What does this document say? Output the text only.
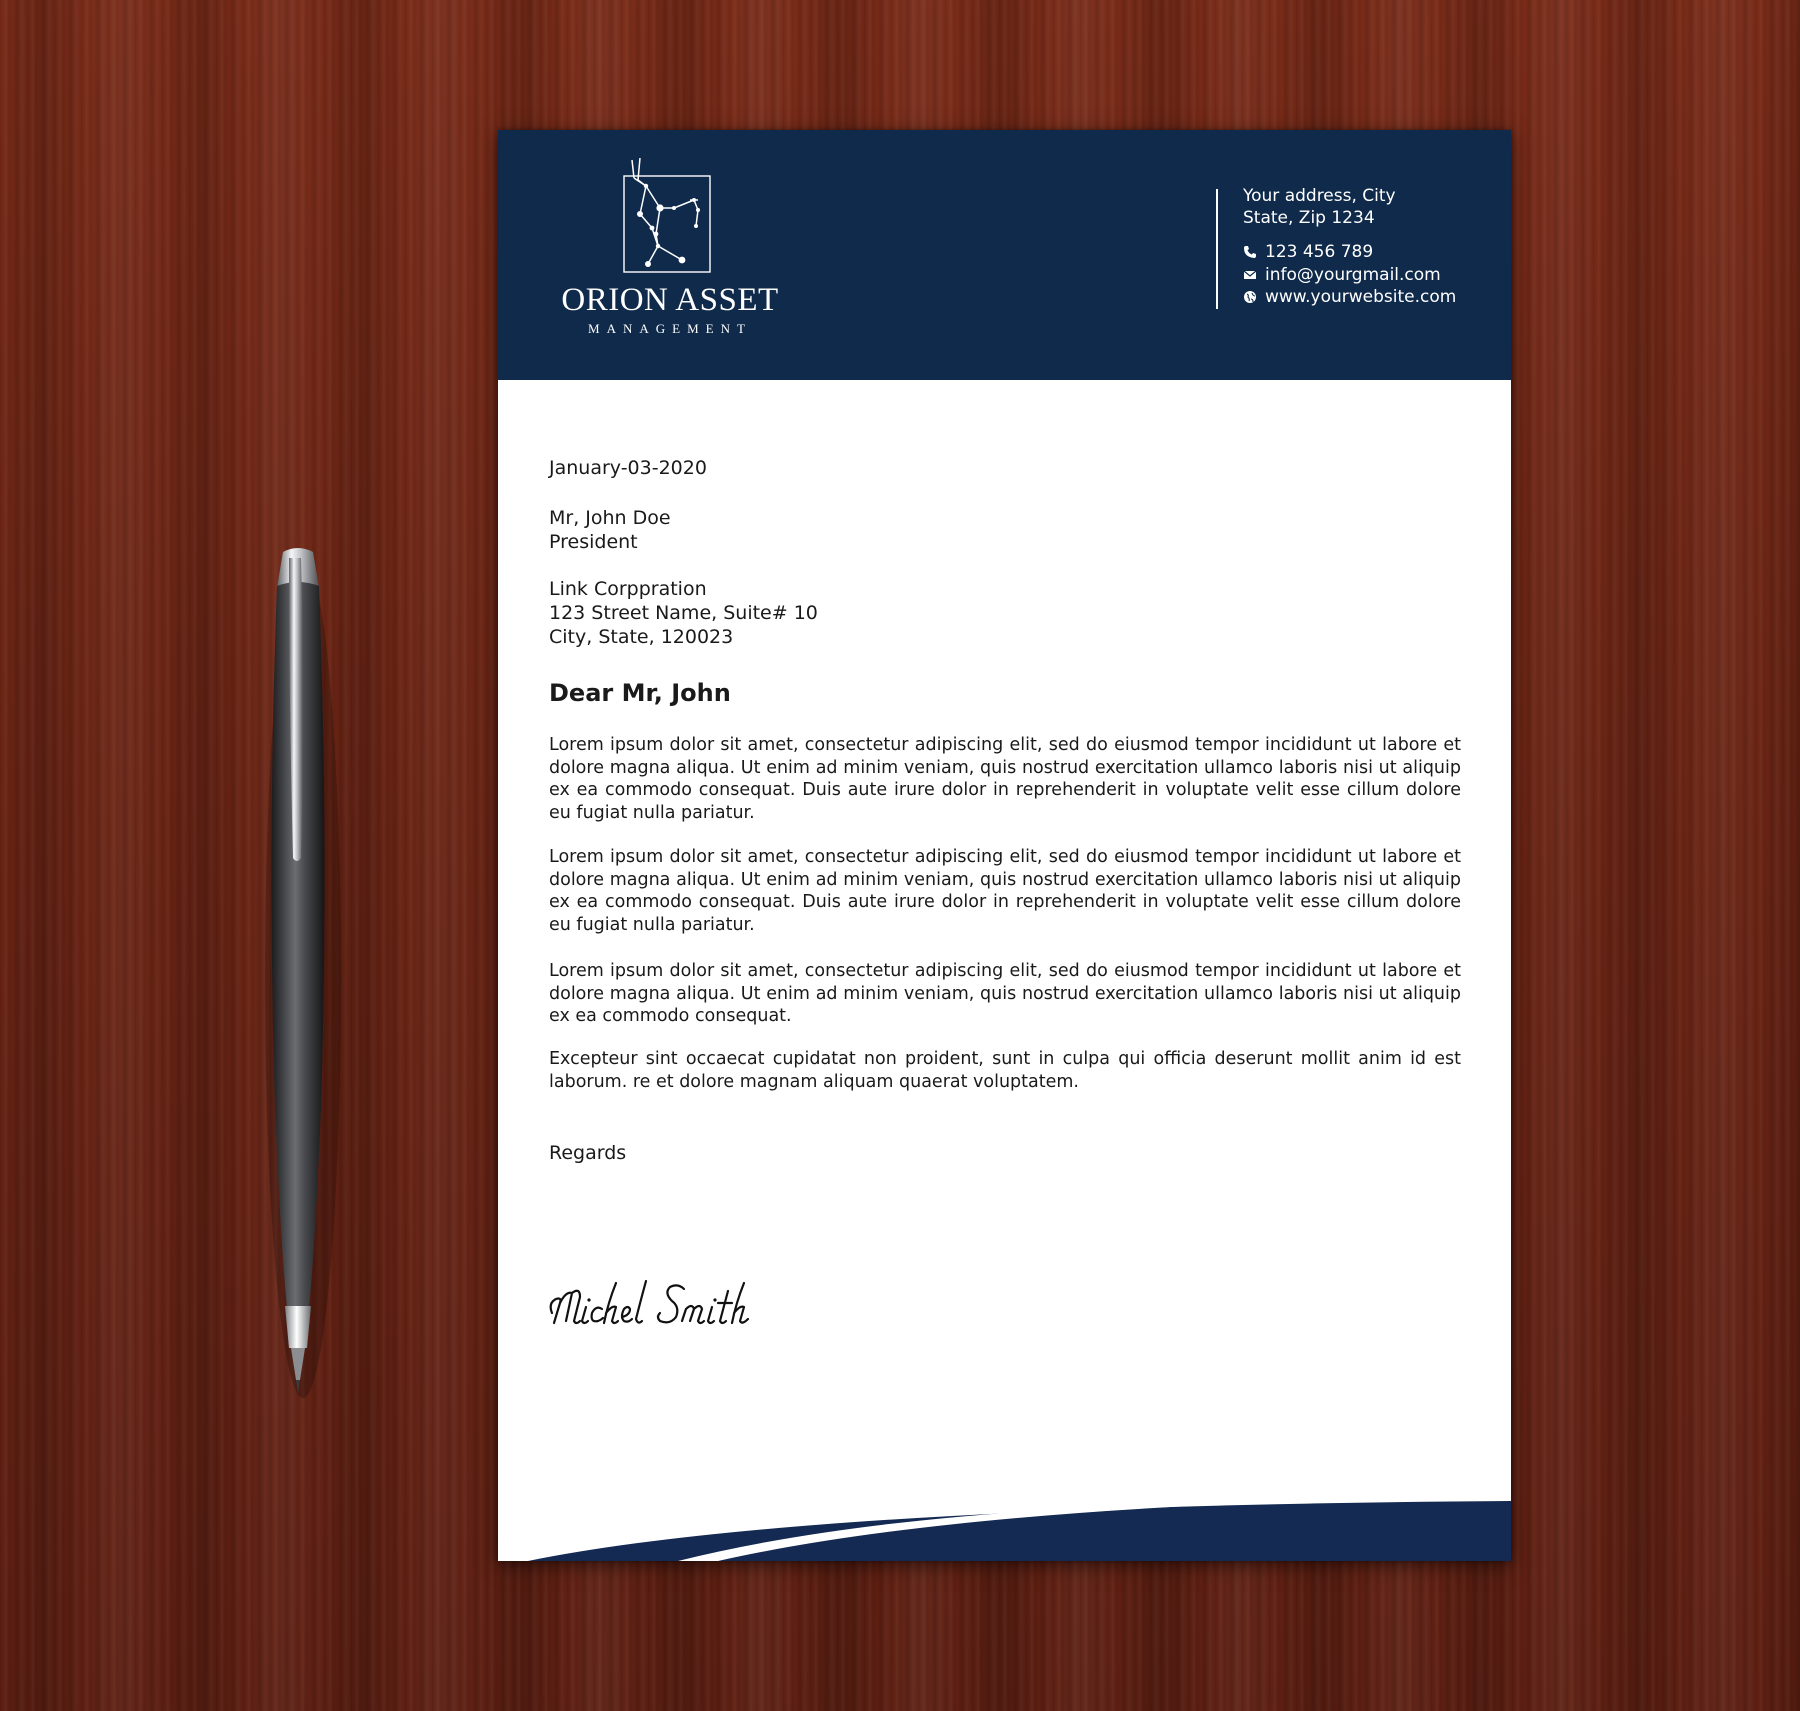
ORION ASSET
MANAGEMENT
Your address, City
State, Zip 1234
123 456 789
info@yourgmail.com
www.yourwebsite.com
January-03-2020
Mr, John Doe
President
Link Corppration
123 Street Name, Suite# 10
City, State, 120023
Dear Mr, John
Lorem ipsum dolor sit amet, consectetur adipiscing elit, sed do eiusmod tempor incididunt ut labore et dolore magna aliqua. Ut enim ad minim veniam, quis nostrud exercitation ullamco laboris nisi ut aliquip ex ea commodo consequat. Duis aute irure dolor in reprehenderit in voluptate velit esse cillum dolore eu fugiat nulla pariatur.
Lorem ipsum dolor sit amet, consectetur adipiscing elit, sed do eiusmod tempor incididunt ut labore et dolore magna aliqua. Ut enim ad minim veniam, quis nostrud exercitation ullamco laboris nisi ut aliquip ex ea commodo consequat. Duis aute irure dolor in reprehenderit in voluptate velit esse cillum dolore eu fugiat nulla pariatur.
Lorem ipsum dolor sit amet, consectetur adipiscing elit, sed do eiusmod tempor incididunt ut labore et dolore magna aliqua. Ut enim ad minim veniam, quis nostrud exercitation ullamco laboris nisi ut aliquip ex ea commodo consequat.
Excepteur sint occaecat cupidatat non proident, sunt in culpa qui officia deserunt mollit anim id est laborum. re et dolore magnam aliquam quaerat voluptatem.
Regards
